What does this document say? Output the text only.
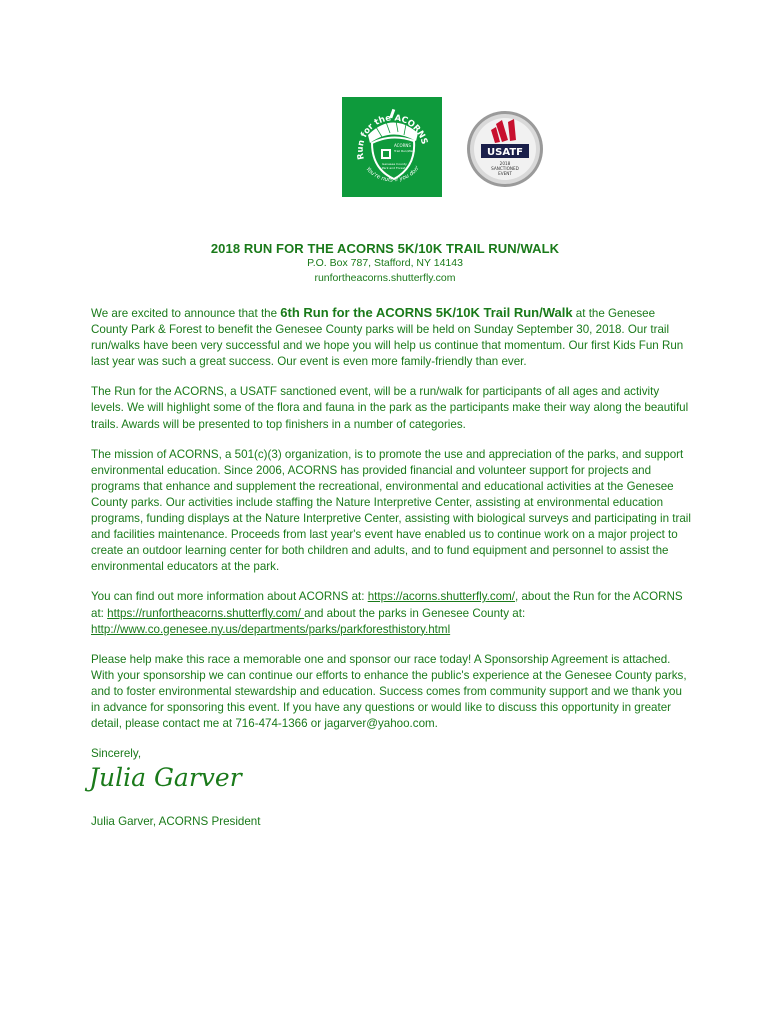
ACORNS
Trail Run/Walk
Genesee County
Park and Forest
Run for the ACORNS
You're nuts if you don'
USATF
2018
SANCTIONED
EVENT
2018 RUN FOR THE ACORNS 5K/10K TRAIL RUN/WALK
P.O. Box 787, Stafford, NY 14143
runfortheacorns.shutterfly.com

We are excited to announce that the 6th Run for the ACORNS 5K/10K Trail Run/Walk at the Genesee County Park & Forest to benefit the Genesee County parks will be held on Sunday September 30, 2018. Our trail run/walks have been very successful and we hope you will help us continue that momentum. Our first Kids Fun Run last year was such a great success. Our event is even more family-friendly than ever.

The Run for the ACORNS, a USATF sanctioned event, will be a run/walk for participants of all ages and activity levels. We will highlight some of the flora and fauna in the park as the participants make their way along the beautiful trails. Awards will be presented to top finishers in a number of categories.

The mission of ACORNS, a 501(c)(3) organization, is to promote the use and appreciation of the parks, and support environmental education. Since 2006, ACORNS has provided financial and volunteer support for projects and programs that enhance and supplement the recreational, environmental and educational activities at the Genesee County parks. Our activities include staffing the Nature Interpretive Center, assisting at environmental education programs, funding displays at the Nature Interpretive Center, assisting with biological surveys and participating in trail and facilities maintenance. Proceeds from last year's event have enabled us to continue work on a major project to create an outdoor learning center for both children and adults, and to fund equipment and personnel to assist the environmental educators at the park.

You can find out more information about ACORNS at: https://acorns.shutterfly.com/, about the Run for the ACORNS at: https://runfortheacorns.shutterfly.com/ and about the parks in Genesee County at: http://www.co.genesee.ny.us/departments/parks/parkforesthistory.html

Please help make this race a memorable one and sponsor our race today! A Sponsorship Agreement is attached. With your sponsorship we can continue our efforts to enhance the public's experience at the Genesee County parks, and to foster environmental stewardship and education. Success comes from community support and we thank you in advance for sponsoring this event. If you have any questions or would like to discuss this opportunity in greater detail, please contact me at 716-474-1366 or jagarver@yahoo.com.

Sincerely,

Julia Garver

Julia Garver, ACORNS President
